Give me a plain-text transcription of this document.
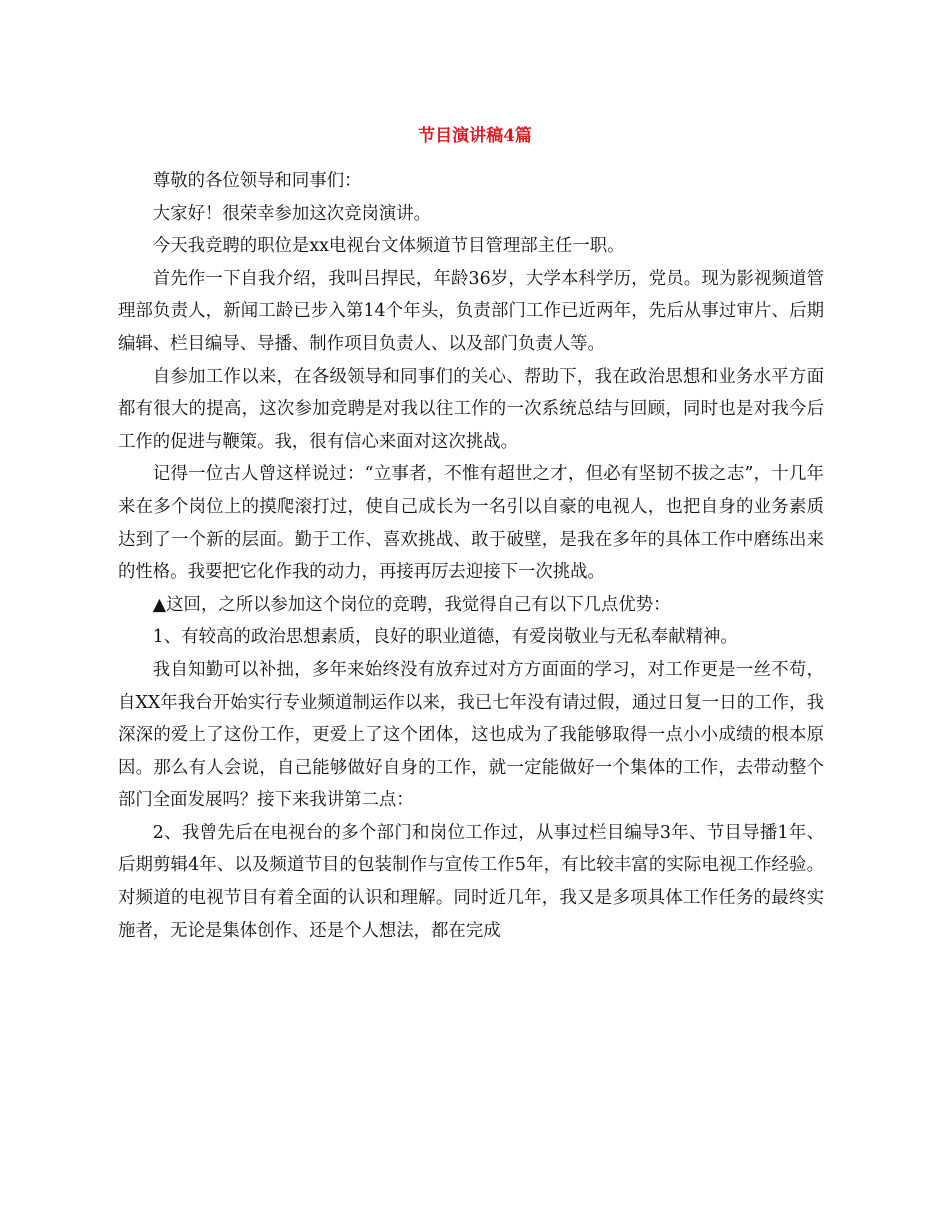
节目演讲稿4篇

尊敬的各位领导和同事们：

大家好！很荣幸参加这次竞岗演讲。

今天我竞聘的职位是xx电视台文体频道节目管理部主任一职。

首先作一下自我介绍，我叫吕捍民，年龄36岁，大学本科学历，党员。现为影视频道管理部负责人，新闻工龄已步入第14个年头，负责部门工作已近两年，先后从事过审片、后期编辑、栏目编导、导播、制作项目负责人、以及部门负责人等。

自参加工作以来，在各级领导和同事们的关心、帮助下，我在政治思想和业务水平方面都有很大的提高，这次参加竞聘是对我以往工作的一次系统总结与回顾，同时也是对我今后工作的促进与鞭策。我，很有信心来面对这次挑战。

记得一位古人曾这样说过：“立事者，不惟有超世之才，但必有坚韧不拔之志”，十几年来在多个岗位上的摸爬滚打过，使自己成长为一名引以自豪的电视人，也把自身的业务素质达到了一个新的层面。勤于工作、喜欢挑战、敢于破壁，是我在多年的具体工作中磨练出来的性格。我要把它化作我的动力，再接再厉去迎接下一次挑战。

▲这回，之所以参加这个岗位的竞聘，我觉得自己有以下几点优势：

1、有较高的政治思想素质，良好的职业道德，有爱岗敬业与无私奉献精神。

我自知勤可以补拙，多年来始终没有放弃过对方方面面的学习，对工作更是一丝不苟，自XX年我台开始实行专业频道制运作以来，我已七年没有请过假，通过日复一日的工作，我深深的爱上了这份工作，更爱上了这个团体，这也成为了我能够取得一点小小成绩的根本原因。那么有人会说，自己能够做好自身的工作，就一定能做好一个集体的工作，去带动整个部门全面发展吗？接下来我讲第二点：

2、我曾先后在电视台的多个部门和岗位工作过，从事过栏目编导3年、节目导播1年、后期剪辑4年、以及频道节目的包装制作与宣传工作5年，有比较丰富的实际电视工作经验。对频道的电视节目有着全面的认识和理解。同时近几年，我又是多项具体工作任务的最终实施者，无论是集体创作、还是个人想法，都在完成
